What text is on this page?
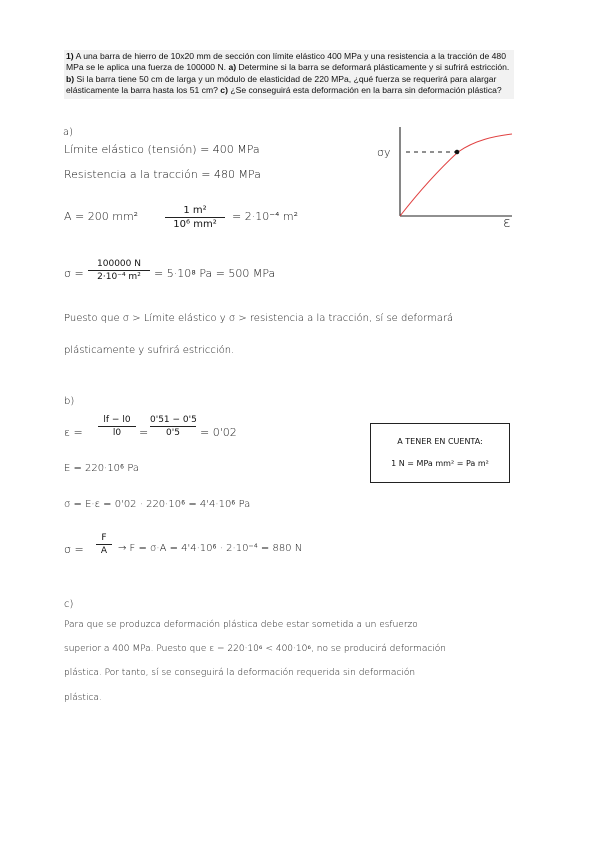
1) A una barra de hierro de 10x20 mm de sección con límite elástico 400 MPa y una resistencia a la tracción de 480 MPa se le aplica una fuerza de 100000 N. a) Determine si la barra se deformará plásticamente y si sufrirá estricción. b) Si la barra tiene 50 cm de larga y un módulo de elasticidad de 220 MPa, ¿qué fuerza se requerirá para alargar elásticamente la barra hasta los 51 cm? c) ¿Se conseguirá esta deformación en la barra sin deformación plástica?
a)
Límite elástico (tensión) = 400 MPa
Resistencia a la tracción = 480 MPa
A = 200 mm²	1 m²
10⁶ mm²
= 2·10⁻⁴ m²
σ =
100000 N
2·10⁻⁴ m²	= 5·10⁸ Pa = 500 MPa
Puesto que σ > Límite elástico y σ > resistencia a la tracción, sí se deformará
plásticamente y sufrirá estricción.
σy
ε
b)
ε =
lf − l0
l0	=
0'51 − 0'5
0'5	= 0'02
E = 220·10⁶ Pa
σ = E·ε = 0'02 · 220·10⁶ = 4'4·10⁶ Pa
σ =
F
A	→ F = σ·A = 4'4·10⁶ · 2·10⁻⁴ = 880 N
A TENER EN CUENTA:
1 N = MPa mm² = Pa m²
c)
Para que se produzca deformación plástica debe estar sometida a un esfuerzo
superior a 400 MPa. Puesto que ε = 220·10⁶ < 400·10⁶, no se producirá deformación
plástica. Por tanto, sí se conseguirá la deformación requerida sin deformación
plástica.
